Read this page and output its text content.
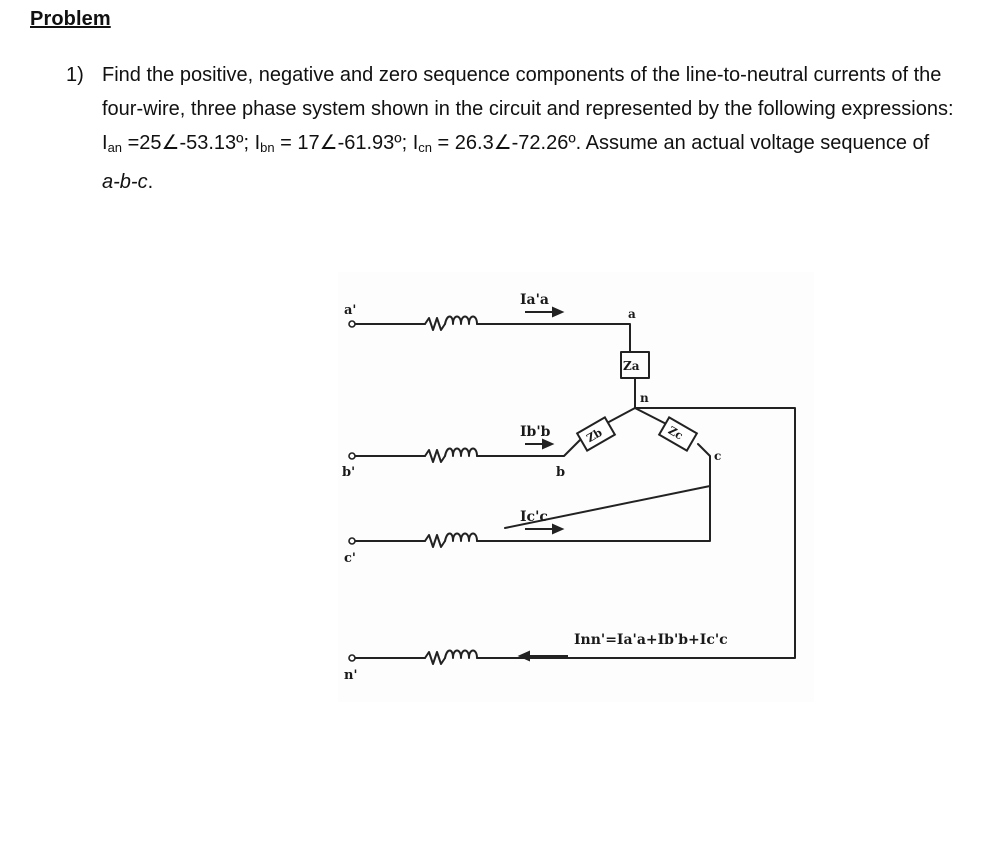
Problem
1) Find the positive, negative and zero sequence components of the line-to-neutral currents of the four-wire, three phase system shown in the circuit and represented by the following expressions: $I_{an}$ =25∠-53.13º; $I_{bn}$ = 17∠-61.93º; $I_{cn}$ = 26.3∠-72.26º. Assume an actual voltage sequence of a-b-c.
a'
b'
c'
n'
a
b
c
n
Za
Zb	Zc
Ia'a
Ib'b
Ic'c
Inn'=Ia'a+Ib'b+Ic'c
